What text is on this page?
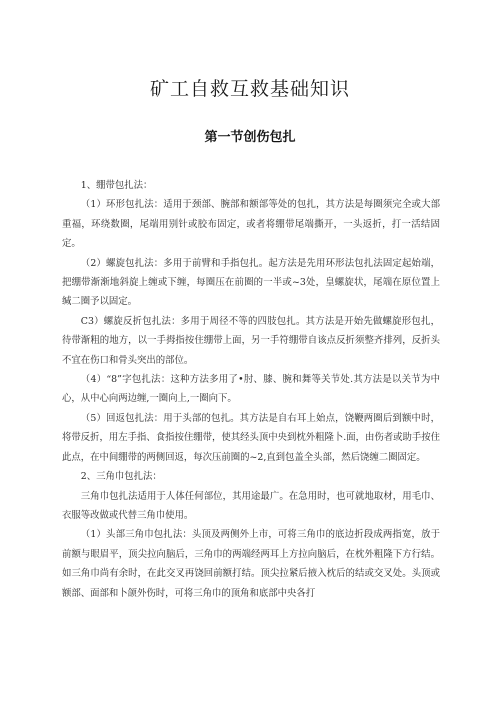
矿工自救互救基础知识
第一节创伤包扎

1、绷带包扎法：

（1）环形包扎法：适用于颈部、腕部和额部等处的包扎，其方法是每圈须完全或大部重福，环绕数圈，尾端用别针或胶布固定，或者将绷带尾端撕开，一头返折，打一活结固定。

（2）螺旋包扎法：多用于前臂和手指包扎。起方法是先用环形法包扎法固定起始端，把绷带渐渐地斜旋上缠或下缠，每圈压在前圈的一半或~3处，皇螺旋状，尾端在原位置上缄二圈予以固定。

C3）螺旋反折包扎法：多用于周径不等的四肢包扎。其方法是开始先做螺旋形包扎，待带渐粗的地方，以一手拇指按住绷带上面，另一手符绷带自该点反折须整齐排列，反折头不宜在伤口和骨头突出的部位。

（4）“8”字包扎法：这种方法多用了•肘、膝、腕和舞等关节处.其方法是以关节为中心，从中心向两边缠,一圈向上,一圈向下。

（5）回返包扎法：用于头部的包扎。其方法是自右耳上始点，饶鞭两圈后到额中时，将带反折，用左手指、食指按住绷带，使其经头顶中央到枕外粗隆卜.面，由伤者或助手按住此点，在中间绷带的两侧回返，每次压前圈的~2,直到包盖全头部，然后饶缠二圈固定。

2、三角巾包扎法：

三角巾包扎法适用于人体任何部位，其用途最广。在急用时，也可就地取材，用毛巾、衣服等改做或代替三角巾使用。

（1）头部三角巾包扎法：头顶及两侧外上市，可将三角巾的底边折段成两指宽，放于前额与眼眉平，顶尖拉向脑后，三角巾的两端经两耳上方拉向脑后，在枕外粗隆下方行结。如三角巾尚有余时，在此交叉再饶回前额打结。顶尖拉紧后掖入枕后的结或交叉处。头顶或额部、面部和卜颌外伤时，可将三角巾的顶角和底部中央各打
